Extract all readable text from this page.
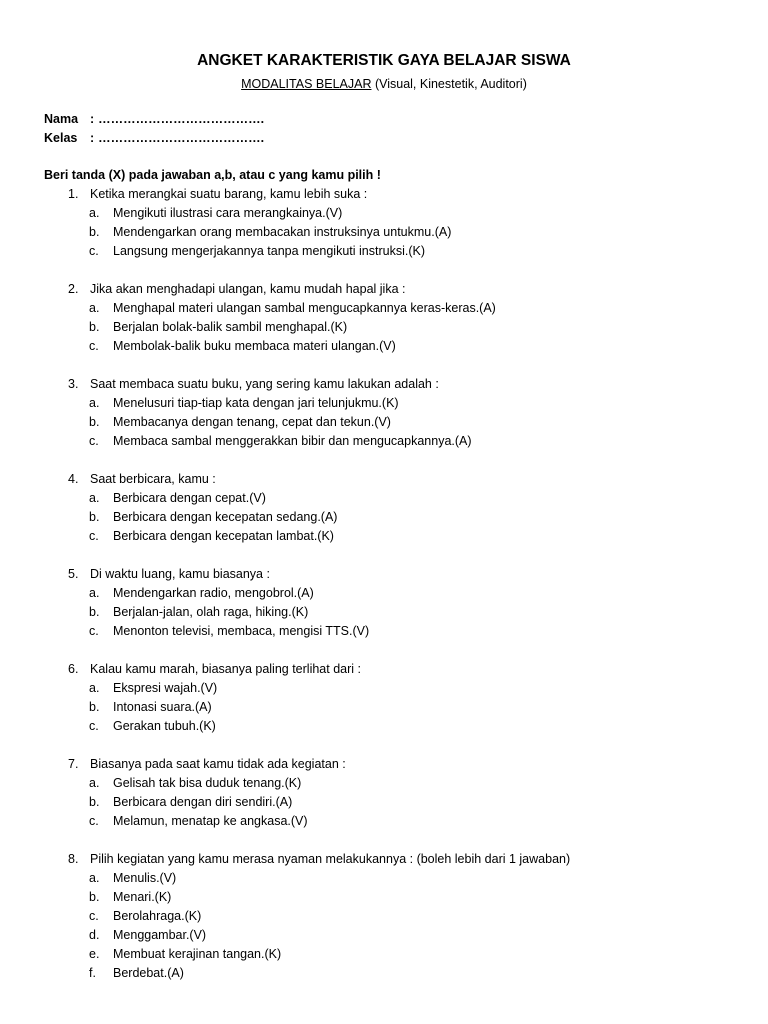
ANGKET KARAKTERISTIK GAYA BELAJAR SISWA

MODALITAS BELAJAR (Visual, Kinestetik, Auditori)

Nama : ………………………………….
Kelas	: ………………………………….
Beri tanda (X) pada jawaban a,b, atau c yang kamu pilih !
1. Ketika merangkai suatu barang, kamu lebih suka :
a.	Mengikuti ilustrasi cara merangkainya.(V)
b.	Mendengarkan orang membacakan instruksinya untukmu.(A)
c.	Langsung mengerjakannya tanpa mengikuti instruksi.(K)
2. Jika akan menghadapi ulangan, kamu mudah hapal jika :
a.	Menghapal materi ulangan sambal mengucapkannya keras-keras.(A)
b.	Berjalan bolak-balik sambil menghapal.(K)
c.	Membolak-balik buku membaca materi ulangan.(V)
3. Saat membaca suatu buku, yang sering kamu lakukan adalah :
a.	Menelusuri tiap-tiap kata dengan jari telunjukmu.(K)
b.	Membacanya dengan tenang, cepat dan tekun.(V)
c.	Membaca sambal menggerakkan bibir dan mengucapkannya.(A)
4. Saat berbicara, kamu :
a.	Berbicara dengan cepat.(V)
b.	Berbicara dengan kecepatan sedang.(A)
c.	Berbicara dengan kecepatan lambat.(K)
5. Di waktu luang, kamu biasanya :
a.	Mendengarkan radio, mengobrol.(A)
b.	Berjalan-jalan, olah raga, hiking.(K)
c.	Menonton televisi, membaca, mengisi TTS.(V)
6. Kalau kamu marah, biasanya paling terlihat dari :
a.	Ekspresi wajah.(V)
b.	Intonasi suara.(A)
c.	Gerakan tubuh.(K)
7. Biasanya pada saat kamu tidak ada kegiatan :
a.	Gelisah tak bisa duduk tenang.(K)
b.	Berbicara dengan diri sendiri.(A)
c.	Melamun, menatap ke angkasa.(V)
8. Pilih kegiatan yang kamu merasa nyaman melakukannya : (boleh lebih dari 1 jawaban)
a.	Menulis.(V)
b.	Menari.(K)
c.	Berolahraga.(K)
d.	Menggambar.(V)
e.	Membuat kerajinan tangan.(K)
f.	Berdebat.(A)
